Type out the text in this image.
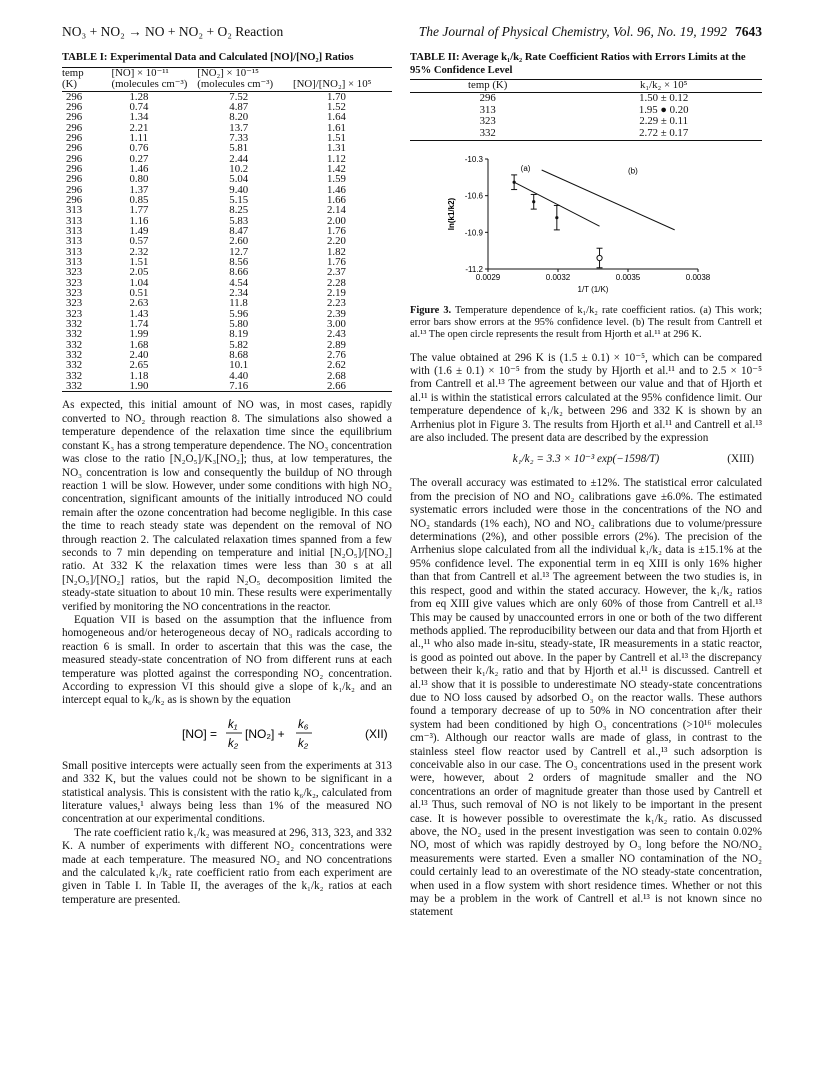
NO₃ + NO₂ → NO + NO₂ + O₂ Reaction	The Journal of Physical Chemistry, Vol. 96, No. 19, 1992 7643
TABLE I: Experimental Data and Calculated [NO]/[NO₂] Ratios
temp	[NO] × 10⁻¹¹	[NO₂] × 10⁻¹⁵	
(K)	(molecules cm⁻³)	(molecules cm⁻³)	[NO]/[NO₂] × 10⁵
296	1.28	7.52	1.70
296	0.74	4.87	1.52
296	1.34	8.20	1.64
296	2.21	13.7	1.61
296	1.11	7.33	1.51
296	0.76	5.81	1.31
296	0.27	2.44	1.12
296	1.46	10.2	1.42
296	0.80	5.04	1.59
296	1.37	9.40	1.46
296	0.85	5.15	1.66
313	1.77	8.25	2.14
313	1.16	5.83	2.00
313	1.49	8.47	1.76
313	0.57	2.60	2.20
313	2.32	12.7	1.82
313	1.51	8.56	1.76
323	2.05	8.66	2.37
323	1.04	4.54	2.28
323	0.51	2.34	2.19
323	2.63	11.8	2.23
323	1.43	5.96	2.39
332	1.74	5.80	3.00
332	1.99	8.19	2.43
332	1.68	5.82	2.89
332	2.40	8.68	2.76
332	2.65	10.1	2.62
332	1.18	4.40	2.68
332	1.90	7.16	2.66

As expected, this initial amount of NO was, in most cases, rapidly converted to NO₂ through reaction 8. The simulations also showed a temperature dependence of the relaxation time since the equilibrium constant K₃ has a strong temperature dependence. The NO₃ concentration was close to the ratio [N₂O₅]/K₃[NO₂]; thus, at low temperatures, the NO₃ concentration is low and consequently the buildup of NO through reaction 1 will be slow. However, under some conditions with high NO₂ concentration, significant amounts of the initially introduced NO could remain after the ozone concentration had become negligible. In this case the time to reach steady state was dependent on the removal of NO through reaction 2. The calculated relaxation times spanned from a few seconds to 7 min depending on temperature and initial [N₂O₅]/[NO₂] ratio. At 332 K the relaxation times were less than 30 s at all [N₂O₅]/[NO₂] ratios, but the rapid N₂O₅ decomposition limited the steady-state situation to about 10 min. These results were experimentally verified by monitoring the NO concentrations in the reactor.

Equation VII is based on the assumption that the influence from homogeneous and/or heterogeneous decay of NO₃ radicals according to reaction 6 is small. In order to ascertain that this was the case, the measured steady-state concentration of NO from different runs at each temperature was plotted against the corresponding NO₂ concentration. According to expression VI this should give a slope of k₁/k₂ and an intercept equal to k₆/k₂ as is shown by the equation

[NO] =
k₁
k₂
[NO₂] +
k₆
k₂
(XII)

Small positive intercepts were actually seen from the experiments at 313 and 332 K, but the values could not be shown to be significant in a statistical analysis. This is consistent with the ratio k₆/k₂, calculated from literature values,¹ always being less than 1% of the measured NO concentration at our experimental conditions.

The rate coefficient ratio k₁/k₂ was measured at 296, 313, 323, and 332 K. A number of experiments with different NO₂ concentrations were made at each temperature. The measured NO₂ and NO concentrations and the calculated k₁/k₂ rate coefficient ratio from each experiment are given in Table I. In Table II, the averages of the k₁/k₂ ratios at each temperature are presented.

TABLE II: Average k₁/k₂ Rate Coefficient Ratios with Errors Limits at the 95% Confidence Level
temp (K)	k₁/k₂ × 10⁵
296	1.50 ± 0.12
313	1.95 ● 0.20
323	2.29 ± 0.11
332	2.72 ± 0.17
-10.3
-10.6
-10.9
-11.2
0.0029	0.0032	0.0035	0.0038
ln(k1/k2)
1/T (1/K)
(a)	(b)
Figure 3. Temperature dependence of k₁/k₂ rate coefficient ratios. (a) This work; error bars show errors at the 95% confidence level. (b) The result from Cantrell et al.¹³ The open circle represents the result from Hjorth et al.¹¹ at 296 K.

The value obtained at 296 K is (1.5 ± 0.1) × 10⁻⁵, which can be compared with (1.6 ± 0.1) × 10⁻⁵ from the study by Hjorth et al.¹¹ and to 2.5 × 10⁻⁵ from Cantrell et al.¹³ The agreement between our value and that of Hjorth et al.¹¹ is within the statistical errors calculated at the 95% confidence limit. Our temperature dependence of k₁/k₂ between 296 and 332 K is shown by an Arrhenius plot in Figure 3. The results from Hjorth et al.¹¹ and Cantrell et al.¹³ are also included. The present data are described by the expression

k₁/k₂ = 3.3 × 10⁻³ exp(−1598/T)	(XIII)

The overall accuracy was estimated to ±12%. The statistical error calculated from the precision of NO and NO₂ calibrations gave ±6.0%. The estimated systematic errors included were those in the concentrations of the NO and NO₂ standards (1% each), NO and NO₂ calibrations due to volume/pressure determinations (2%), and other possible errors (2%). The precision of the Arrhenius slope calculated from all the individual k₁/k₂ data is ±15.1% at the 95% confidence level. The exponential term in eq XIII is only 16% higher than that from Cantrell et al.¹³ The agreement between the two studies is, in this respect, good and within the stated accuracy. However, the k₁/k₂ ratios from eq XIII give values which are only 60% of those from Cantrell et al.¹³ This may be caused by unaccounted errors in one or both of the two different methods applied. The reproducibility between our data and that from Hjorth et al.,¹¹ who also made in-situ, steady-state, IR measurements in a static reactor, is good as pointed out above. In the paper by Cantrell et al.¹³ the discrepancy between their k₁/k₂ ratio and that by Hjorth et al.¹¹ is discussed. Cantrell et al.¹³ show that it is possible to underestimate NO steady-state concentrations due to NO loss caused by adsorbed O₃ on the reactor walls. These authors found a temporary decrease of up to 50% in NO concentration after their system had been conditioned by high O₃ concentrations (>10¹⁶ molecules cm⁻³). Although our reactor walls are made of glass, in contrast to the stainless steel flow reactor used by Cantrell et al.,¹³ such adsorption is conceivable also in our case. The O₃ concentrations used in the present work were, however, about 2 orders of magnitude smaller and the NO concentrations an order of magnitude greater than those used by Cantrell et al.¹³ Thus, such removal of NO is not likely to be important in the present case. It is however possible to overestimate the k₁/k₂ ratio. As discussed above, the NO₂ used in the present investigation was seen to contain 0.02% NO, most of which was rapidly destroyed by O₃ long before the NO/NO₂ measurements were started. Even a smaller NO contamination of the NO₂ could certainly lead to an overestimate of the NO steady-state concentration, when used in a flow system with short residence times. Whether or not this may be a problem in the work of Cantrell et al.¹³ is not known since no statement
